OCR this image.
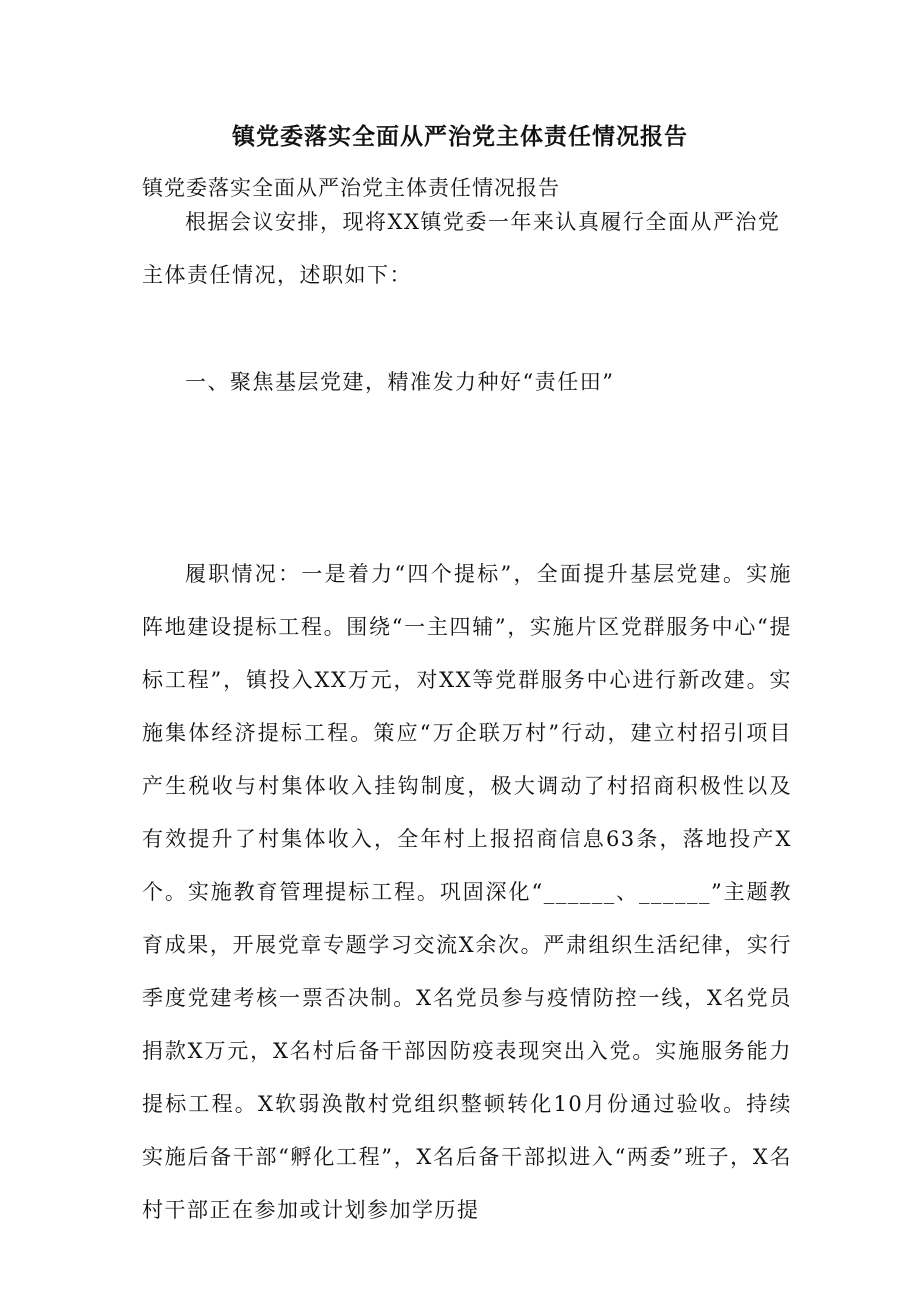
镇党委落实全面从严治党主体责任情况报告
镇党委落实全面从严治党主体责任情况报告

根据会议安排，现将XX镇党委一年来认真履行全面从严治党主体责任情况，述职如下：

一、聚焦基层党建，精准发力种好“责任田”

履职情况：一是着力“四个提标”，全面提升基层党建。实施阵地建设提标工程。围绕“一主四辅”，实施片区党群服务中心“提标工程”，镇投入XX万元，对XX等党群服务中心进行新改建。实施集体经济提标工程。策应“万企联万村”行动，建立村招引项目产生税收与村集体收入挂钩制度，极大调动了村招商积极性以及有效提升了村集体收入，全年村上报招商信息63条，落地投产X个。实施教育管理提标工程。巩固深化“______、______”主题教育成果，开展党章专题学习交流X余次。严肃组织生活纪律，实行季度党建考核一票否决制。X名党员参与疫情防控一线，X名党员捐款X万元，X名村后备干部因防疫表现突出入党。实施服务能力提标工程。X软弱涣散村党组织整顿转化10月份通过验收。持续实施后备干部“孵化工程”，X名后备干部拟进入“两委”班子，X名村干部正在参加或计划参加学历提
